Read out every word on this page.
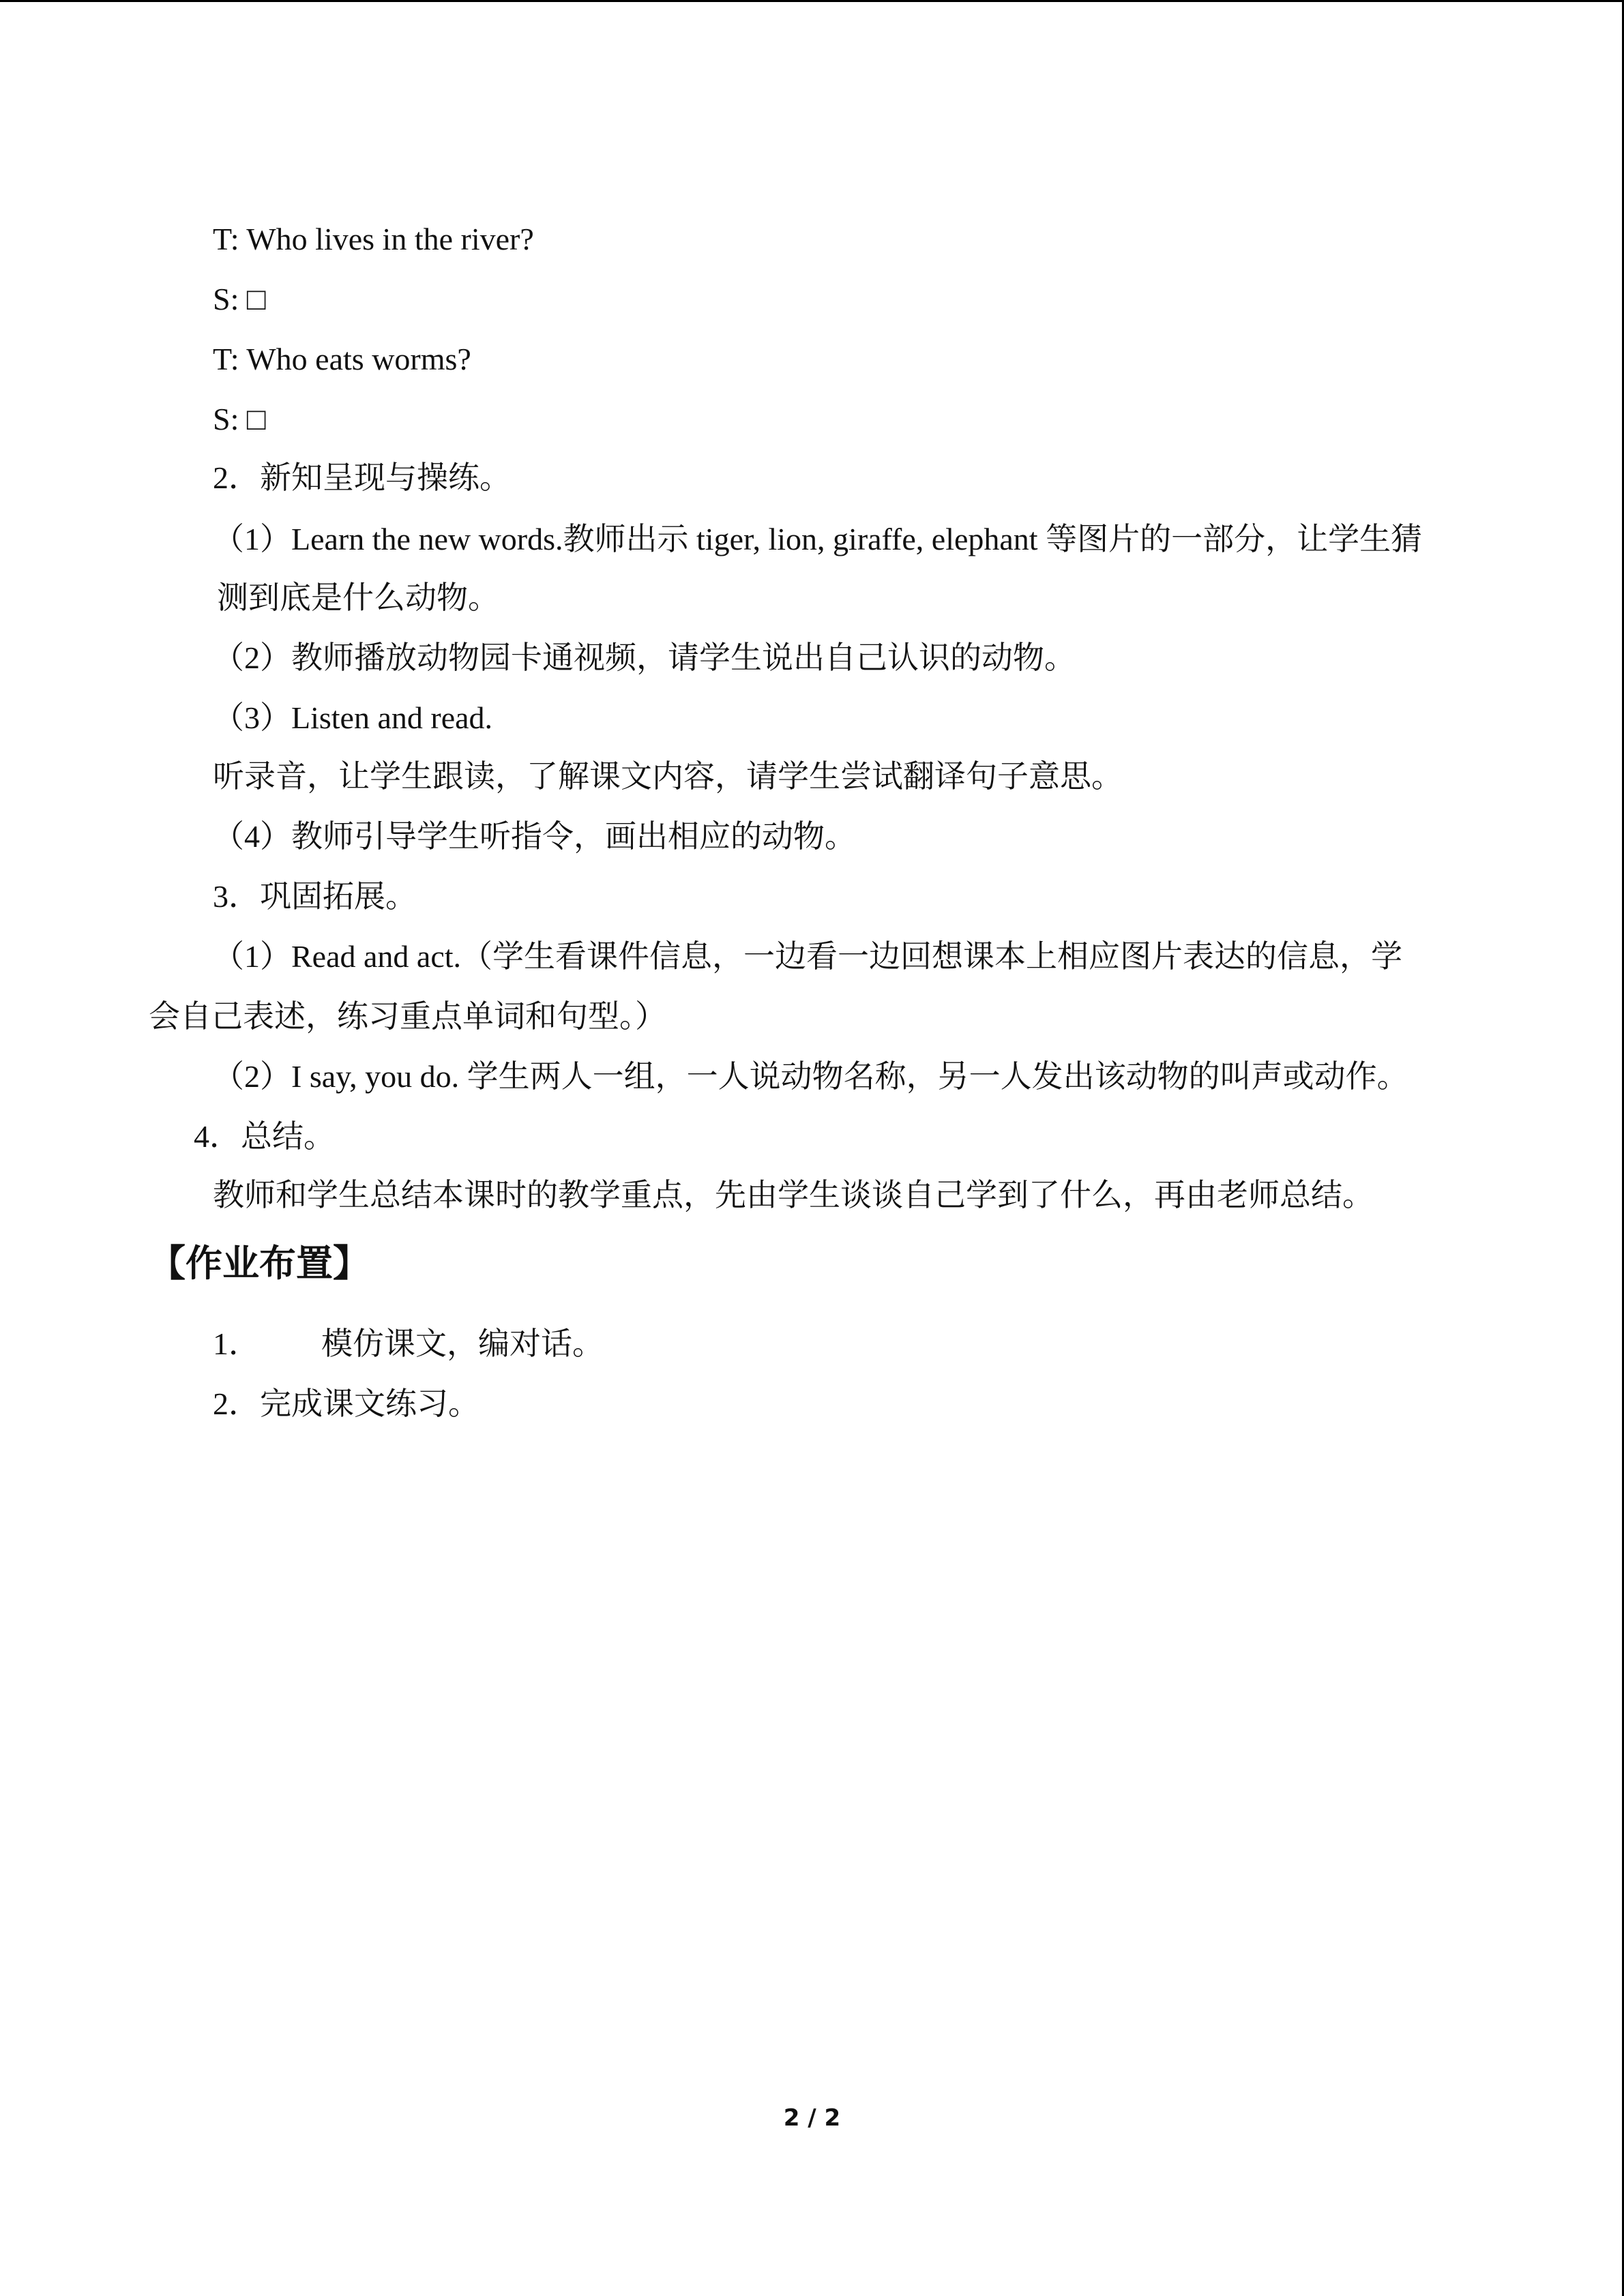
T: Who lives in the river?
S: □
T: Who eats worms?
S: □
2．新知呈现与操练。
（1）Learn the new words.教师出示 tiger, lion, giraffe, elephant 等图片的一部分，让学生猜
测到底是什么动物。
（2）教师播放动物园卡通视频，请学生说出自己认识的动物。
（3）Listen and read.
听录音，让学生跟读，了解课文内容，请学生尝试翻译句子意思。
（4）教师引导学生听指令，画出相应的动物。
3．巩固拓展。
（1）Read and act.（学生看课件信息，一边看一边回想课本上相应图片表达的信息，学
会自己表述，练习重点单词和句型。）
（2）I say, you do. 学生两人一组，一人说动物名称，另一人发出该动物的叫声或动作。
4．总结。
教师和学生总结本课时的教学重点，先由学生谈谈自己学到了什么，再由老师总结。
【作业布置】
1． 模仿课文，编对话。
2．完成课文练习。
2 / 2
